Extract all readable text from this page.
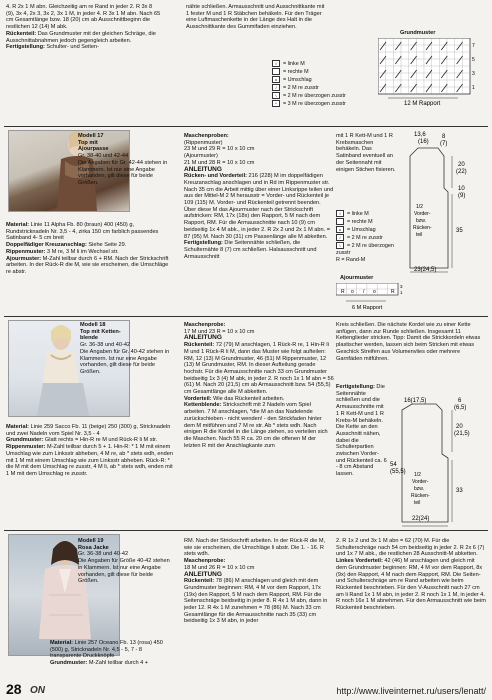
4. R 2x 1 M abn. Gleichzeitig am re Rand in jeder 2. R 3x 8 (9), 3x 4, 2x 3, 3x 2, 3x 1 M, in jeder 4. R 3x 1 M abn. Nach 65 cm Gesamtlänge bzw. 18 (20) cm ab Ausschnittbeginn die restlichen 12 (14) M abk.
Rückenteil: Das Grundmuster mit der gleichen Schräge, die Ausschnittabnahmen jedoch gegengleich arbeiten.
Fertigstellung: Schulter- und Seiten-
nähte schließen. Armausschnitt und Ausschnittkante mit 1 fester M und 1 R Stäbchen behäkeln. Für den Träger eine Luftmaschenkette in der Länge des Halt in die Ausschnittkante des Gummifaden einziehen.
I = linke M
= rechte M
o = Umschlag
/ = 2 M re zusstr
\ = 2 M re überzogen zusstr
^ = 3 M re überzogen zusstr
Grundmuster
12 M Rapport
7
5
3
1
Modell 17
Top mit
Ajourpasse
Gr. 38-40 und 42-44
Die Angaben für Gr. 42-44 stehen in Klammern. Ist nur eine Angabe vorhanden, gilt diese für beide Größen.
Material: Linie 11 Alpha Fb. 80 (braun) 400 (450) g, Rundstricknadeln Nr. 3,5 - 4, zirka 150 cm farblich passendes Satinband 4- 5 cm breit
Doppelfädiger Kreuzanschlag: Siehe Seite 29.
Rippenmuster: 3 M re, 3 M li im Wechsel str.
Ajourmuster: M-Zahl teilbar durch 6 + RM. Nach der Strickschrift arbeiten. In der Rück-R die M, wie sie erscheinen, die Umschläge re abstr.
Maschenproben:
(Rippenmuster)
23 M und 29 R = 10 x 10 cm
(Ajourmuster)
21 M und 28 R = 10 x 10 cm
ANLEITUNG
Rücken- und Vorderteil: 216 (228) M im doppelfädigen Kreuzanschlag anschlagen und in Rd im Rippenmuster str. Nach 35 cm die Arbeit mittig über einer Linksrippe teilen und aus der Mittel-M 2 M herausstr = Vorder- und Rückenteil je 109 (115) M. Vorder- und Rückenteil getrennt beenden. Über diese M das Ajourmuster nach der Strickschrift aufstricken: RM, 17x (18x) den Rapport, 5 M nach dem Rapport, RM. Für die Armausschnitte nach 10 (9) cm beidseitig 1x 4 M abk., in jeder 2. R 2x 2 und 2x 1 M abn. = 87 (95) M. Nach 30 (31) cm Passenlänge alle M abketten.
Fertigstellung: Die Seitennähte schließen, die Schulternähte 8 (7) cm schließen. Halsausschnitt und Armausschnitt
mit 1 R Kett-M und 1 R Krebsmaschen behäkeln. Das Satinband eventuell an der Seitennaht mit einigen Stichen fixieren.
13,6
(16)
8
(7)
20
(22)
10
(9)
1/2
Vorder-
bzw.
Rücken-
teil
35
23(24,5)
I = linke M
= rechte M
o = Umschlag
/ = 2 M re zusstr
\ = 2 M re überzogen zusstr
R = Rand-M
Ajourmuster
R o / o	R
6 M Rapport
3
1
Modell 18
Top mit Ketten-
blende
Gr. 36-38 und 40-42
Die Angaben für Gr. 40-42 stehen in Klammern. Ist nur eine Angabe vorhanden, gilt diese für beide Größen.
Material: Linie 259 Sacco Fb. 11 (beige) 250 (300) g, Stricknadeln und zwei Nadeln vom Spiel Nr. 3,5 - 4
Grundmuster: Glatt rechts = Hin-R re M und Rück-R li M str.
Rippenmuster: M-Zahl teilbar durch 5 + 1. Hin-R: * 1 M mit einem Umschlag wie zum Linksstr abheben, 4 M re, ab * stets wdh, enden mit 1 M mit einem Umschlag wie zum Linksstr abheben. Rück-R: * die M mit dem Umschlag re zusstr, 4 M li, ab * stets wdh, enden mit 1 M mit dem Umschlag re zusstr.
Maschenprobe:
17 M und 23 R = 10 x 10 cm
ANLEITUNG
Rückenteil: 72 (79) M anschlagen, 1 Rück-R re, 1 Hin-R li M und 1 Rück-R li M, dann das Muster wie folgt aufteilen: RM, 12 (13) M Grundmuster, 46 (51) M Rippenmuster, 12 (13) M Grundmuster, RM. In dieser Aufteilung gerade hochstr. Für die Armausschnitte nach 33 cm Grundmuster beidseitig 1x 3 (4) M abk, in jeder 2. R noch 1x 1 M abn = 56 (61) M. Nach 20 (21,5) cm ab Armausschnitt bzw. 54 (55,5) cm Gesamtlänge alle M abketten.
Vorderteil: Wie das Rückenteil arbeiten.
Kettenblende: Strickschrift mit 2 Nadeln vom Spiel arbeiten. 7 M anschlagen, *die M an das Nadelende zurückschieben - nicht wenden! - den Strickfaden hinter dem M mitführen und 7 M re str. Ab * stets wdh. Nach einigen R die Kordel in die Länge ziehen, so verteilen sich die Maschen. Nach 55 R ca. 20 cm die offenen M der letzten R mit der Anschlagkante zum
Kreis schließen. Die nächste Kordel wie zu einer Kette anfügen, dann zur Runde schließen. Insgesamt 11 Kettenglieder stricken. Tipp: Damit die Strickkordeln etwas plastischer werden, lassen sich beim Stricken mit etwas Geschick Streifen aus Volumenvlies oder mehrere Garnfäden mitführen.
Fertigstellung: Die Seitennähte schließen und die Armausschnitte mit 1 R Kett-M und 1 R Krebs-M behäkeln. Die Kette an den Ausschnitt nähen, dabei die Schulterpartien zwischen Vorder- und Rückenteil ca. 6 - 8 cm Abstand lassen.
16(17,5)	6
(6,5)
20
(21,5)
54
(55,5)
33
1/2
Vorder-
bzw.
Rücken-
teil
22(24)
Modell 19
Rosa Jacke
Gr. 36-38 und 40-42
Die Angaben für Größe 40-42 stehen in Klammern. Ist nur eine Angabe vorhanden, gilt diese für beide Größen.
Material: Linie 257 Oceano Fb. 13 (rosa) 450 (500) g, Stricknadeln Nr. 4,5 - 5, 7 - 8 transparente Druckknöpfe
Grundmuster: M-Zahl teilbar durch 4 +
RM. Nach der Strickschrift arbeiten. In der Rück-R die M, wie sie erscheinen, die Umschläge li abstr. Die 1. - 16. R stets wdh.
Maschenprobe:
18 M und 26 R = 10 x 10 cm
ANLEITUNG
Rückenteil: 78 (86) M anschlagen und gleich mit dem Grundmuster beginnen: RM, 4 M vor dem Rapport, 17x (19x) den Rapport, 5 M nach dem Rapport, RM. Für die Seitenschräge beidseitig in jeder 8. R 4x 1 M abn, dann in jeder 12. R 4x 1 M zunehmen = 78 (86) M. Nach 33 cm Gesamtlänge für die Armausschnitte nach 35 (33) cm beidseitig 1x 3 M abn, in jeder
2. R 1x 2 und 3x 1 M abn = 62 (70) M. Für die Schulterschräge nach 54 cm beidseitig in jeder 2. R 2x 6 (7) und 1x 7 M abk., die restlichen 28 Ausschnitt-M abketten.
Linkes Vorderteil: 42 (46) M anschlagen und gleich mit dem Grundmuster beginnen: RM, 4 M vor dem Rapport, 8x (9x) den Rapport, 4 M nach dem Rapport, RM. Die Seiten- und Schulterschräge am re Rand arbeiten wie beim Rückenteil beschrieben. Für den V-Ausschnitt nach 27 cm am li Rand 1x 1 M abn, in jeder 2. R noch 1x 1 M, in jeder 4. R noch 16x 1 M abnehmen. Für den Armausschnitt wie beim Rückenteil beschrieben.
28 ON	http://www.liveinternet.ru/users/lenatt/
